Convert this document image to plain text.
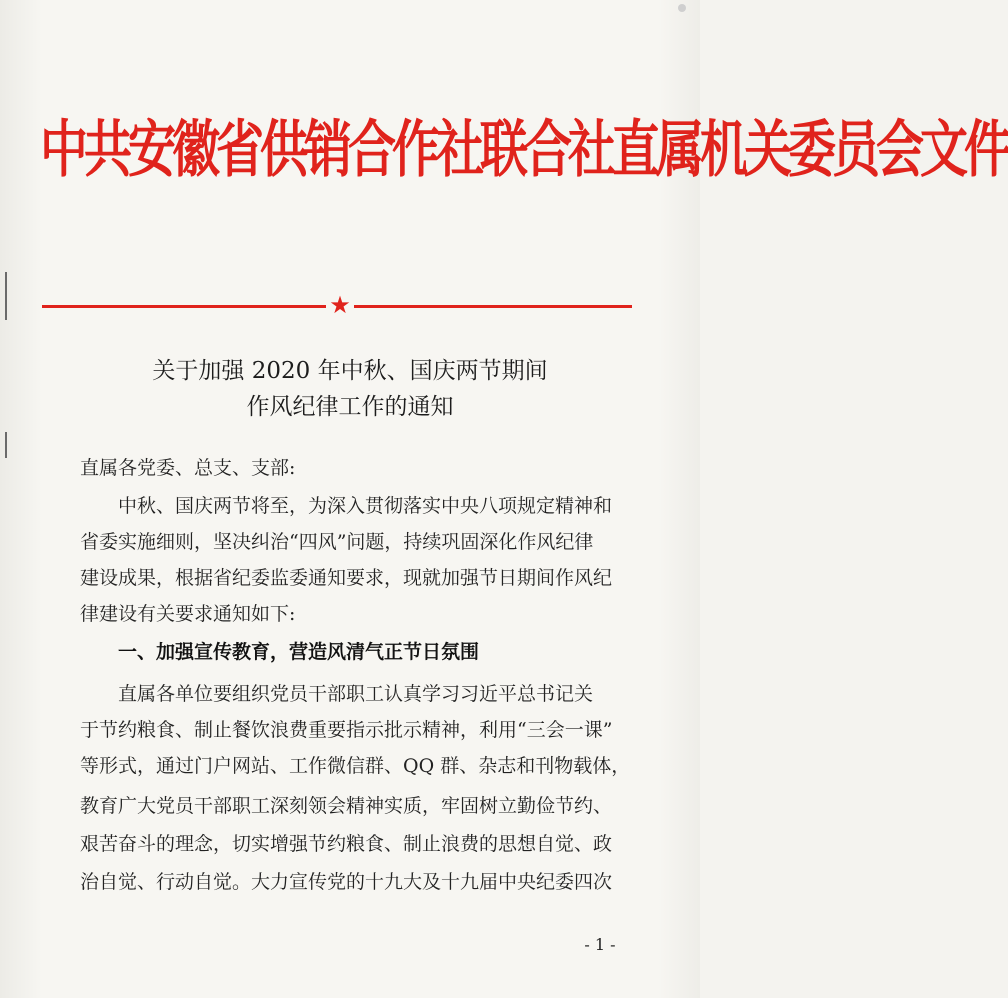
中共安徽省供销合作社联合社直属机关委员会文件
★
关于加强 2020 年中秋、国庆两节期间
作风纪律工作的通知
直属各党委、总支、支部:
中秋、国庆两节将至，为深入贯彻落实中央八项规定精神和
省委实施细则，坚决纠治“四风”问题，持续巩固深化作风纪律
建设成果，根据省纪委监委通知要求，现就加强节日期间作风纪
律建设有关要求通知如下:
一、加强宣传教育，营造风清气正节日氛围
直属各单位要组织党员干部职工认真学习习近平总书记关
于节约粮食、制止餐饮浪费重要指示批示精神，利用“三会一课”
等形式，通过门户网站、工作微信群、QQ 群、杂志和刊物载体，
教育广大党员干部职工深刻领会精神实质，牢固树立勤俭节约、
艰苦奋斗的理念，切实增强节约粮食、制止浪费的思想自觉、政
治自觉、行动自觉。大力宣传党的十九大及十九届中央纪委四次
- 1 -
